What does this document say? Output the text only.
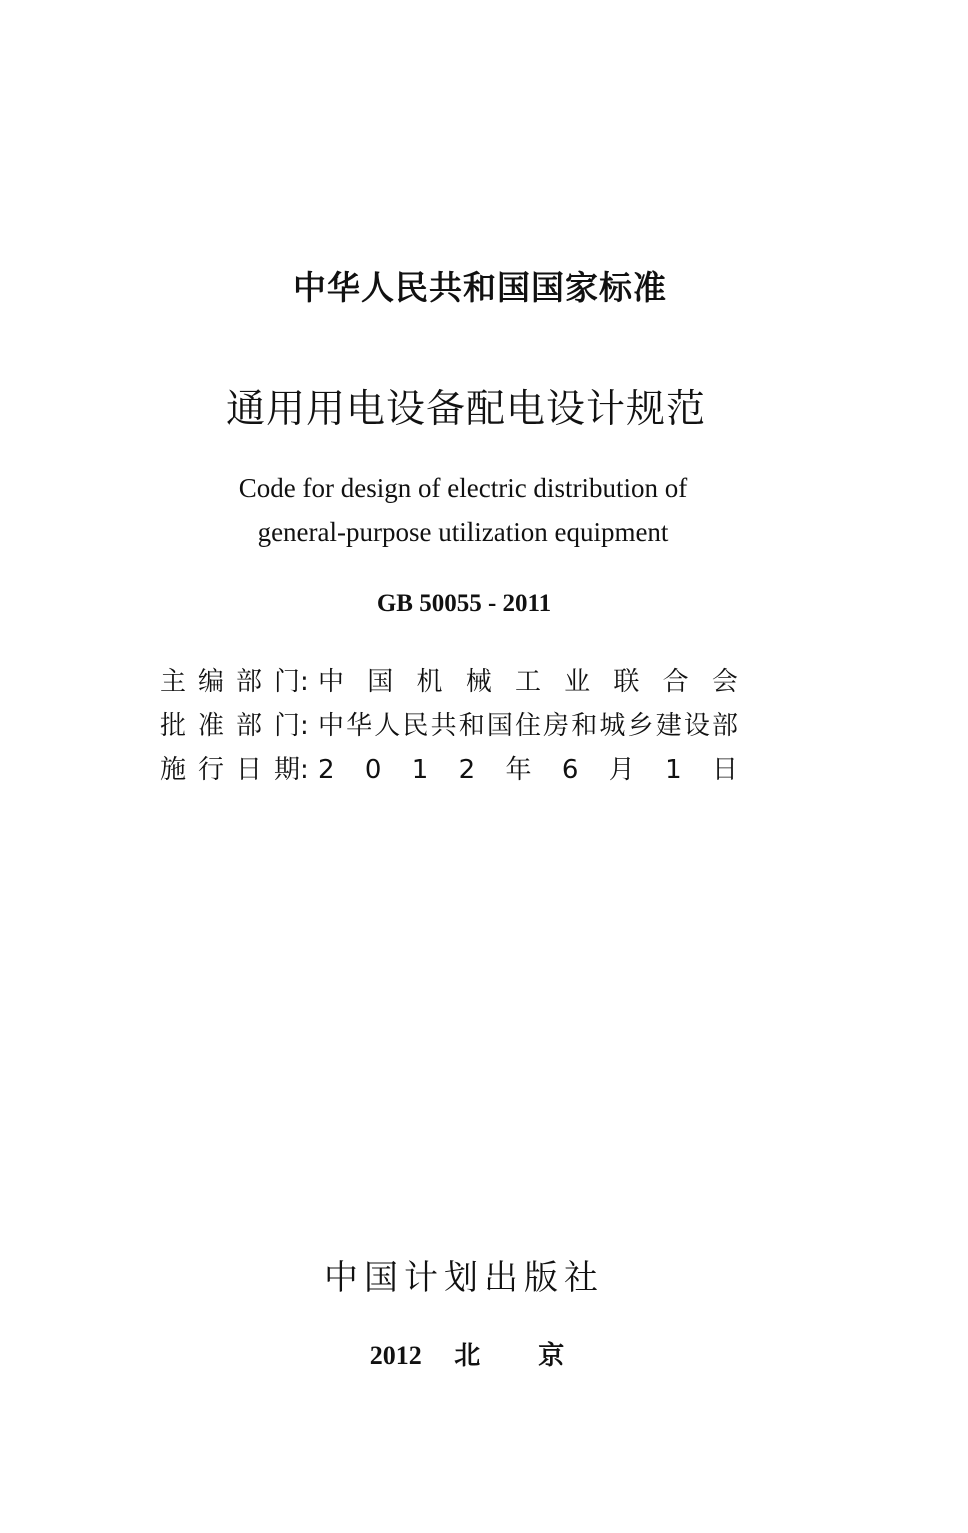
中华人民共和国国家标准
通用用电设备配电设计规范
Code for design of electric distribution of
general-purpose utilization equipment
GB 50055 - 2011
主编部门 : 中 国 机 械 工 业 联 合 会
批准部门 : 中 华 人 民 共 和 国 住 房 和 城 乡 建 设 部
施行日期 : 2 0 1 2 年 6 月 1 日
中国计划出版社
2012 北京
